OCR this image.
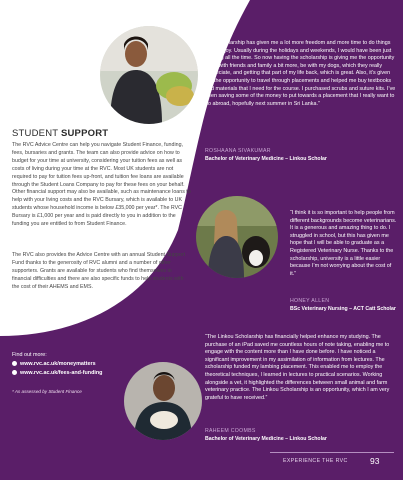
STUDENT SUPPORT

The RVC Advice Centre can help you navigate Student Finance, funding, fees, bursaries and grants. The team can also provide advice on how to budget for your time at university, considering your tuition fees as well as costs of living during your time at the RVC. Most UK students are not required to pay for tuition fees up-front, and tuition fee loans are available through the Student Loans Company to pay for these fees on your behalf. Other financial support may also be available, such as maintenance loans to help with your living costs and the RVC Bursary, which is available to UK students whose household income is below £35,000 per year*. The RVC Bursary is £1,000 per year and is paid directly to you in addition to the funding you are entitled to from Student Finance.

The RVC also provides the Advice Centre with an annual Student Support Fund thanks to the generosity of RVC alumni and a number of other supporters. Grants are available for students who find themselves in financial difficulties and there are also specific funds to help students with the cost of their AHEMS and EMS.

Find out more:
www.rvc.ac.uk/moneymatters
www.rvc.ac.uk/fees-and-funding
* As assessed by Student Finance

“The scholarship has given me a lot more freedom and more time to do things that I enjoy. Usually during the holidays and weekends, I would have been just working all the time. So now having the scholarship is giving me the opportunity to be with friends and family a bit more, be with my dogs, which they really appreciate, and getting that part of my life back, which is great. Also, it’s given me the opportunity to travel through placements and helped me buy textbooks and materials that I need for the course. I purchased scrubs and suture kits. I’ve been saving some of the money to put towards a placement that I really want to do abroad, hopefully next summer in Sri Lanka.”

ROSHAANA SIVAKUMAR
Bachelor of Veterinary Medicine – Linkou Scholar

“I think it is so important to help people from different backgrounds become veterinarians. It is a generous and amazing thing to do. I struggled in school, but this has given me hope that I will be able to graduate as a Registered Veterinary Nurse. Thanks to the scholarship, university is a little easier because I’m not worrying about the cost of it.”

HONEY ALLEN
BSc Veterinary Nursing – ACT Catt Scholar

“The Linkou Scholarship has financially helped enhance my studying. The purchase of an iPad saved me countless hours of note taking, enabling me to engage with the content more than I have done before. I have noticed a significant improvement in my assimilation of information from lectures. The scholarship funded my lambing placement. This enabled me to employ the theoretical techniques, I learned in lectures to practical scenarios. Working alongside a vet, it highlighted the differences between small animal and farm veterinary practice. The Linkou Scholarship is an opportunity, which I am very grateful to have received.”

RAHEEM COOMBS
Bachelor of Veterinary Medicine – Linkou Scholar
EXPERIENCE THE RVC	93
